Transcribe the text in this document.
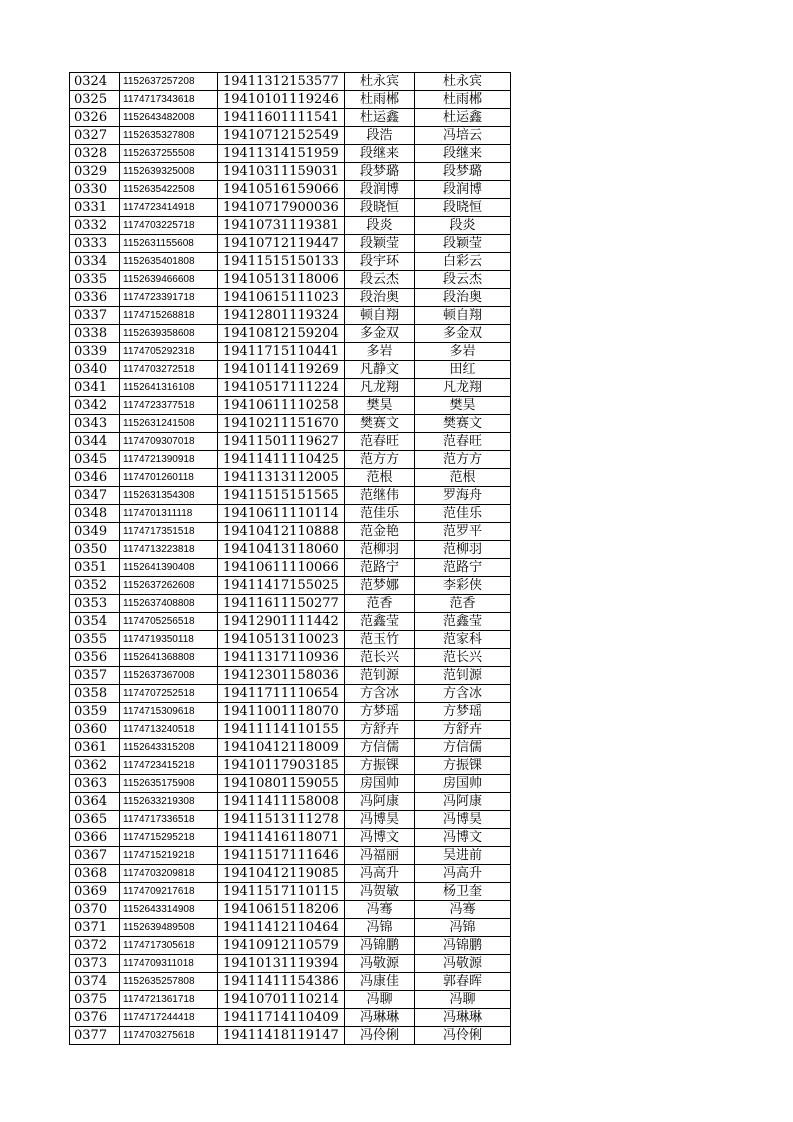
0324	1152637257208	19411312153577	杜永宾	杜永宾
0325	1174717343618	19410101119246	杜雨郴	杜雨郴
0326	1152643482008	19411601111541	杜运鑫	杜运鑫
0327	1152635327808	19410712152549	段浩	冯培云
0328	1152637255508	19411314151959	段继来	段继来
0329	1152639325008	19410311159031	段梦璐	段梦璐
0330	1152635422508	19410516159066	段润博	段润博
0331	1174723414918	19410717900036	段晓恒	段晓恒
0332	1174703225718	19410731119381	段炎	段炎
0333	1152631155608	19410712119447	段颖莹	段颖莹
0334	1152635401808	19411515150133	段宇环	白彩云
0335	1152639466608	19410513118006	段云杰	段云杰
0336	1174723391718	19410615111023	段治奥	段治奥
0337	1174715268818	19412801119324	顿自翔	顿自翔
0338	1152639358608	19410812159204	多金双	多金双
0339	1174705292318	19411715110441	多岩	多岩
0340	1174703272518	19410114119269	凡静文	田红
0341	1152641316108	19410517111224	凡龙翔	凡龙翔
0342	1174723377518	19410611110258	樊昊	樊昊
0343	1152631241508	19410211151670	樊赛文	樊赛文
0344	1174709307018	19411501119627	范春旺	范春旺
0345	1174721390918	19411411110425	范方方	范方方
0346	1174701260118	19411313112005	范根	范根
0347	1152631354308	19411515151565	范继伟	罗海舟
0348	1174701311118	19410611110114	范佳乐	范佳乐
0349	1174717351518	19410412110888	范金艳	范罗平
0350	1174713223818	19410413118060	范柳羽	范柳羽
0351	1152641390408	19410611110066	范路宁	范路宁
0352	1152637262608	19411417155025	范梦娜	李彩侠
0353	1152637408808	19411611150277	范香	范香
0354	1174705256518	19412901111442	范鑫莹	范鑫莹
0355	1174719350118	19410513110023	范玉竹	范家科
0356	1152641368808	19411317110936	范长兴	范长兴
0357	1152637367008	19412301158036	范钊源	范钊源
0358	1174707252518	19411711110654	方含冰	方含冰
0359	1174715309618	19411001118070	方梦瑶	方梦瑶
0360	1174713240518	19411114110155	方舒卉	方舒卉
0361	1152643315208	19410412118009	方信儒	方信儒
0362	1174723415218	19410117903185	方振锞	方振锞
0363	1152635175908	19410801159055	房国帅	房国帅
0364	1152633219308	19411411158008	冯阿康	冯阿康
0365	1174717336518	19411513111278	冯博昊	冯博昊
0366	1174715295218	19411416118071	冯博文	冯博文
0367	1174715219218	19411517111646	冯福丽	吴进前
0368	1174703209818	19410412119085	冯高升	冯高升
0369	1174709217618	19411517110115	冯贺敏	杨卫奎
0370	1152643314908	19410615118206	冯骞	冯骞
0371	1152639489508	19411412110464	冯锦	冯锦
0372	1174717305618	19410912110579	冯锦鹏	冯锦鹏
0373	1174709311018	19410131119394	冯敬源	冯敬源
0374	1152635257808	19411411154386	冯康佳	郭春晖
0375	1174721361718	19410701110214	冯聊	冯聊
0376	1174717244418	19411714110409	冯琳琳	冯琳琳
0377	1174703275618	19411418119147	冯伶俐	冯伶俐
